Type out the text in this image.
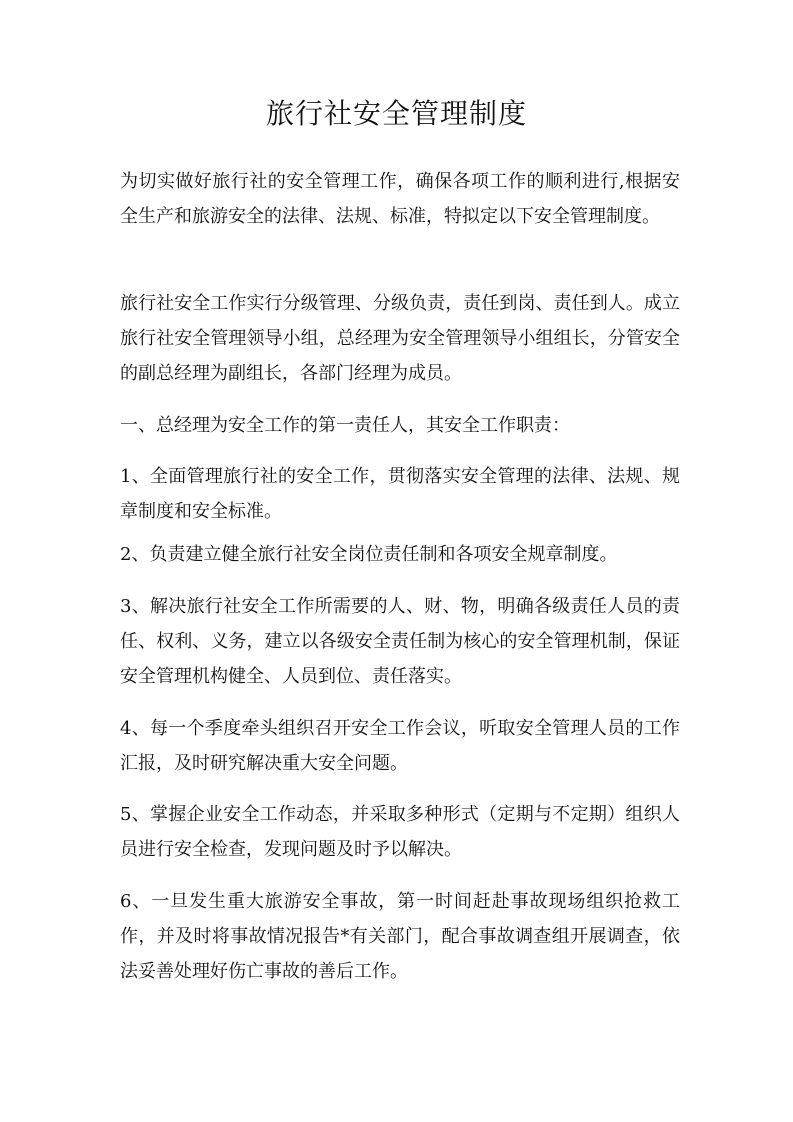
旅行社安全管理制度

为切实做好旅行社的安全管理工作，确保各项工作的顺利进行,根据安全生产和旅游安全的法律、法规、标准，特拟定以下安全管理制度。

旅行社安全工作实行分级管理、分级负责，责任到岗、责任到人。成立旅行社安全管理领导小组，总经理为安全管理领导小组组长，分管安全的副总经理为副组长，各部门经理为成员。

一、总经理为安全工作的第一责任人，其安全工作职责：

1、全面管理旅行社的安全工作，贯彻落实安全管理的法律、法规、规章制度和安全标准。

2、负责建立健全旅行社安全岗位责任制和各项安全规章制度。

3、解决旅行社安全工作所需要的人、财、物，明确各级责任人员的责任、权利、义务，建立以各级安全责任制为核心的安全管理机制，保证安全管理机构健全、人员到位、责任落实。

4、每一个季度牵头组织召开安全工作会议，听取安全管理人员的工作汇报，及时研究解决重大安全问题。

5、掌握企业安全工作动态，并采取多种形式（定期与不定期）组织人员进行安全检查，发现问题及时予以解决。

6、一旦发生重大旅游安全事故，第一时间赶赴事故现场组织抢救工作，并及时将事故情况报告*有关部门，配合事故调查组开展调查，依法妥善处理好伤亡事故的善后工作。
